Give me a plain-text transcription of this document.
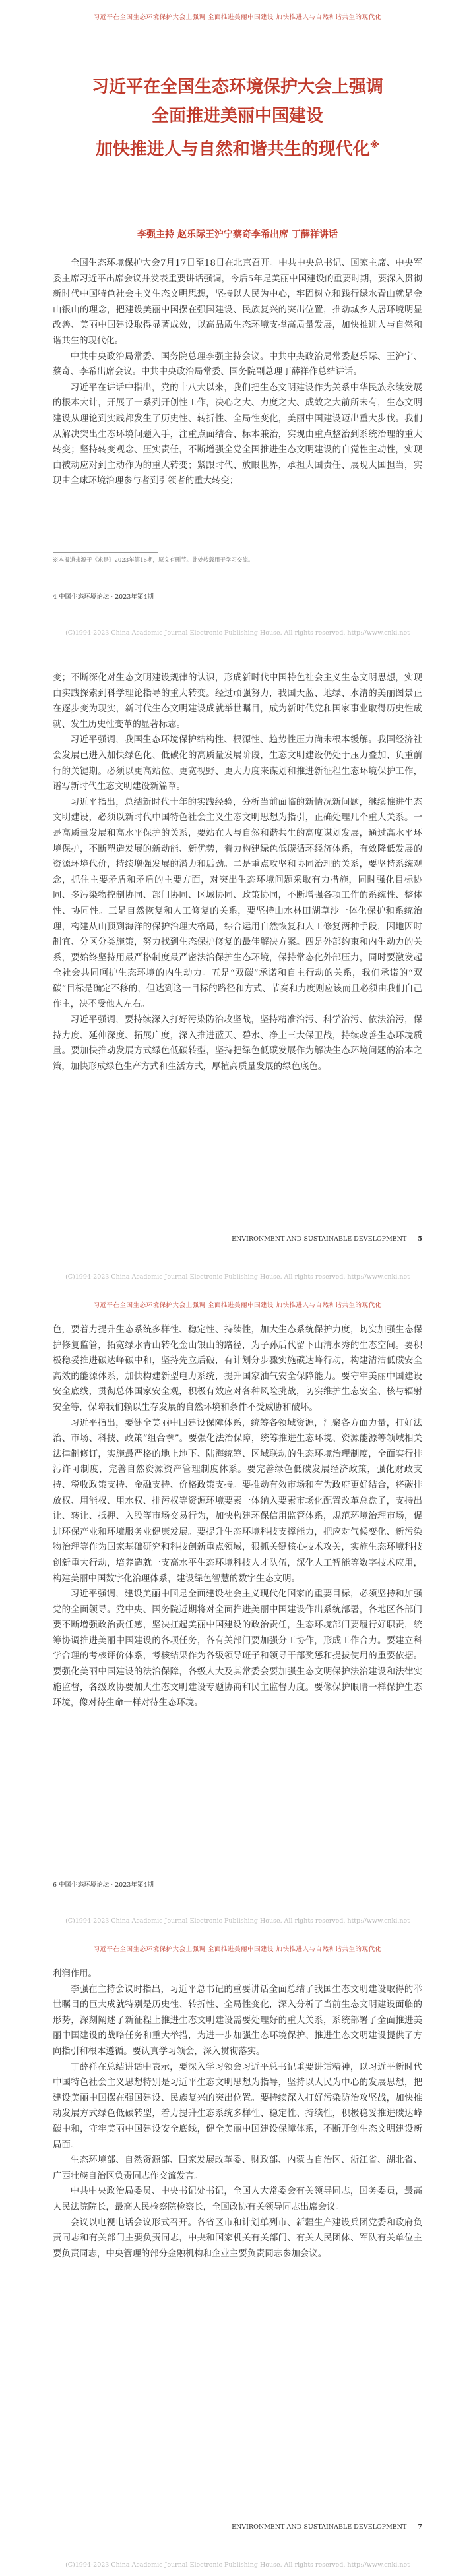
习近平在全国生态环境保护大会上强调 全面推进美丽中国建设 加快推进人与自然和谐共生的现代化
习近平在全国生态环境保护大会上强调
全面推进美丽中国建设
加快推进人与自然和谐共生的现代化※
李强主持 赵乐际王沪宁蔡奇李希出席 丁薛祥讲话

全国生态环境保护大会7月17日至18日在北京召开。中共中央总书记、国家主席、中央军委主席习近平出席会议并发表重要讲话强调，今后5年是美丽中国建设的重要时期，要深入贯彻新时代中国特色社会主义生态文明思想，坚持以人民为中心，牢固树立和践行绿水青山就是金山银山的理念，把建设美丽中国摆在强国建设、民族复兴的突出位置，推动城乡人居环境明显改善、美丽中国建设取得显著成效，以高品质生态环境支撑高质量发展，加快推进人与自然和谐共生的现代化。

中共中央政治局常委、国务院总理李强主持会议。中共中央政治局常委赵乐际、王沪宁、蔡奇、李希出席会议。中共中央政治局常委、国务院副总理丁薛祥作总结讲话。

习近平在讲话中指出，党的十八大以来，我们把生态文明建设作为关系中华民族永续发展的根本大计，开展了一系列开创性工作，决心之大、力度之大、成效之大前所未有，生态文明建设从理论到实践都发生了历史性、转折性、全局性变化，美丽中国建设迈出重大步伐。我们从解决突出生态环境问题入手，注重点面结合、标本兼治，实现由重点整治到系统治理的重大转变；坚持转变观念、压实责任，不断增强全党全国推进生态文明建设的自觉性主动性，实现由被动应对到主动作为的重大转变；紧跟时代、放眼世界，承担大国责任、展现大国担当，实现由全球环境治理参与者到引领者的重大转变；

※本报道来源于《求是》2023年第16期，原文有删节。此处转载用于学习交流。
4 中国生态环境论坛 · 2023年第4期
(C)1994-2023 China Academic Journal Electronic Publishing House. All rights reserved. http://www.cnki.net

变；不断深化对生态文明建设规律的认识，形成新时代中国特色社会主义生态文明思想，实现由实践探索到科学理论指导的重大转变。经过顽强努力，我国天蓝、地绿、水清的美丽图景正在逐步变为现实，新时代生态文明建设成就举世瞩目，成为新时代党和国家事业取得历史性成就、发生历史性变革的显著标志。

习近平强调，我国生态环境保护结构性、根源性、趋势性压力尚未根本缓解。我国经济社会发展已进入加快绿色化、低碳化的高质量发展阶段，生态文明建设仍处于压力叠加、负重前行的关键期。必须以更高站位、更宽视野、更大力度来谋划和推进新征程生态环境保护工作，谱写新时代生态文明建设新篇章。

习近平指出，总结新时代十年的实践经验，分析当前面临的新情况新问题，继续推进生态文明建设，必须以新时代中国特色社会主义生态文明思想为指引，正确处理几个重大关系。一是高质量发展和高水平保护的关系，要站在人与自然和谐共生的高度谋划发展，通过高水平环境保护，不断塑造发展的新动能、新优势，着力构建绿色低碳循环经济体系，有效降低发展的资源环境代价，持续增强发展的潜力和后劲。二是重点攻坚和协同治理的关系，要坚持系统观念，抓住主要矛盾和矛盾的主要方面，对突出生态环境问题采取有力措施，同时强化目标协同、多污染物控制协同、部门协同、区域协同、政策协同，不断增强各项工作的系统性、整体性、协同性。三是自然恢复和人工修复的关系，要坚持山水林田湖草沙一体化保护和系统治理，构建从山顶到海洋的保护治理大格局，综合运用自然恢复和人工修复两种手段，因地因时制宜、分区分类施策，努力找到生态保护修复的最佳解决方案。四是外部约束和内生动力的关系，要始终坚持用最严格制度最严密法治保护生态环境，保持常态化外部压力，同时要激发起全社会共同呵护生态环境的内生动力。五是“双碳”承诺和自主行动的关系，我们承诺的“双碳”目标是确定不移的，但达到这一目标的路径和方式、节奏和力度则应该而且必须由我们自己作主，决不受他人左右。

习近平强调，要持续深入打好污染防治攻坚战，坚持精准治污、科学治污、依法治污，保持力度、延伸深度、拓展广度，深入推进蓝天、碧水、净土三大保卫战，持续改善生态环境质量。要加快推动发展方式绿色低碳转型，坚持把绿色低碳发展作为解决生态环境问题的治本之策，加快形成绿色生产方式和生活方式，厚植高质量发展的绿色底色。

ENVIRONMENT AND SUSTAINABLE DEVELOPMENT 5
(C)1994-2023 China Academic Journal Electronic Publishing House. All rights reserved. http://www.cnki.net
习近平在全国生态环境保护大会上强调 全面推进美丽中国建设 加快推进人与自然和谐共生的现代化

色，要着力提升生态系统多样性、稳定性、持续性，加大生态系统保护力度，切实加强生态保护修复监管，拓宽绿水青山转化金山银山的路径，为子孙后代留下山清水秀的生态空间。要积极稳妥推进碳达峰碳中和，坚持先立后破，有计划分步骤实施碳达峰行动，构建清洁低碳安全高效的能源体系，加快构建新型电力系统，提升国家油气安全保障能力。要守牢美丽中国建设安全底线，贯彻总体国家安全观，积极有效应对各种风险挑战，切实维护生态安全、核与辐射安全等，保障我们赖以生存发展的自然环境和条件不受威胁和破坏。

习近平指出，要健全美丽中国建设保障体系，统筹各领域资源，汇聚各方面力量，打好法治、市场、科技、政策“组合拳”。要强化法治保障，统筹推进生态环境、资源能源等领域相关法律制修订，实施最严格的地上地下、陆海统筹、区域联动的生态环境治理制度，全面实行排污许可制度，完善自然资源资产管理制度体系。要完善绿色低碳发展经济政策，强化财政支持、税收政策支持、金融支持、价格政策支持。要推动有效市场和有为政府更好结合，将碳排放权、用能权、用水权、排污权等资源环境要素一体纳入要素市场化配置改革总盘子，支持出让、转让、抵押、入股等市场交易行为，加快构建环保信用监管体系，规范环境治理市场，促进环保产业和环境服务业健康发展。要提升生态环境科技支撑能力，把应对气候变化、新污染物治理等作为国家基础研究和科技创新重点领域，狠抓关键核心技术攻关，实施生态环境科技创新重大行动，培养造就一支高水平生态环境科技人才队伍，深化人工智能等数字技术应用，构建美丽中国数字化治理体系，建设绿色智慧的数字生态文明。

习近平强调，建设美丽中国是全面建设社会主义现代化国家的重要目标，必须坚持和加强党的全面领导。党中央、国务院近期将对全面推进美丽中国建设作出系统部署，各地区各部门要不断增强政治责任感，坚决扛起美丽中国建设的政治责任，生态环境部门要履行好职责，统筹协调推进美丽中国建设的各项任务，各有关部门要加强分工协作，形成工作合力。要建立科学合理的考核评价体系，考核结果作为各级领导班子和领导干部奖惩和提拔使用的重要依据。要强化美丽中国建设的法治保障，各级人大及其常委会要加强生态文明保护法治建设和法律实施监督，各级政协要加大生态文明建设专题协商和民主监督力度。要像保护眼睛一样保护生态环境，像对待生命一样对待生态环境。

6 中国生态环境论坛 · 2023年第4期
(C)1994-2023 China Academic Journal Electronic Publishing House. All rights reserved. http://www.cnki.net
习近平在全国生态环境保护大会上强调 全面推进美丽中国建设 加快推进人与自然和谐共生的现代化

利润作用。

李强在主持会议时指出，习近平总书记的重要讲话全面总结了我国生态文明建设取得的举世瞩目的巨大成就特别是历史性、转折性、全局性变化，深入分析了当前生态文明建设面临的形势，深刻阐述了新征程上推进生态文明建设需要处理好的重大关系，系统部署了全面推进美丽中国建设的战略任务和重大举措，为进一步加强生态环境保护、推进生态文明建设提供了方向指引和根本遵循。要认真学习领会，深入贯彻落实。

丁薛祥在总结讲话中表示，要深入学习领会习近平总书记重要讲话精神，以习近平新时代中国特色社会主义思想特别是习近平生态文明思想为指导，坚持以人民为中心的发展思想，把建设美丽中国摆在强国建设、民族复兴的突出位置。要持续深入打好污染防治攻坚战，加快推动发展方式绿色低碳转型，着力提升生态系统多样性、稳定性、持续性，积极稳妥推进碳达峰碳中和，守牢美丽中国建设安全底线，健全美丽中国建设保障体系，不断开创生态文明建设新局面。

生态环境部、自然资源部、国家发展改革委、财政部、内蒙古自治区、浙江省、湖北省、广西壮族自治区负责同志作交流发言。

中共中央政治局委员、中央书记处书记，全国人大常委会有关领导同志，国务委员，最高人民法院院长，最高人民检察院检察长，全国政协有关领导同志出席会议。

会议以电视电话会议形式召开。各省区市和计划单列市、新疆生产建设兵团党委和政府负责同志和有关部门主要负责同志，中央和国家机关有关部门、有关人民团体、军队有关单位主要负责同志，中央管理的部分金融机构和企业主要负责同志参加会议。

ENVIRONMENT AND SUSTAINABLE DEVELOPMENT 7
(C)1994-2023 China Academic Journal Electronic Publishing House. All rights reserved. http://www.cnki.net
